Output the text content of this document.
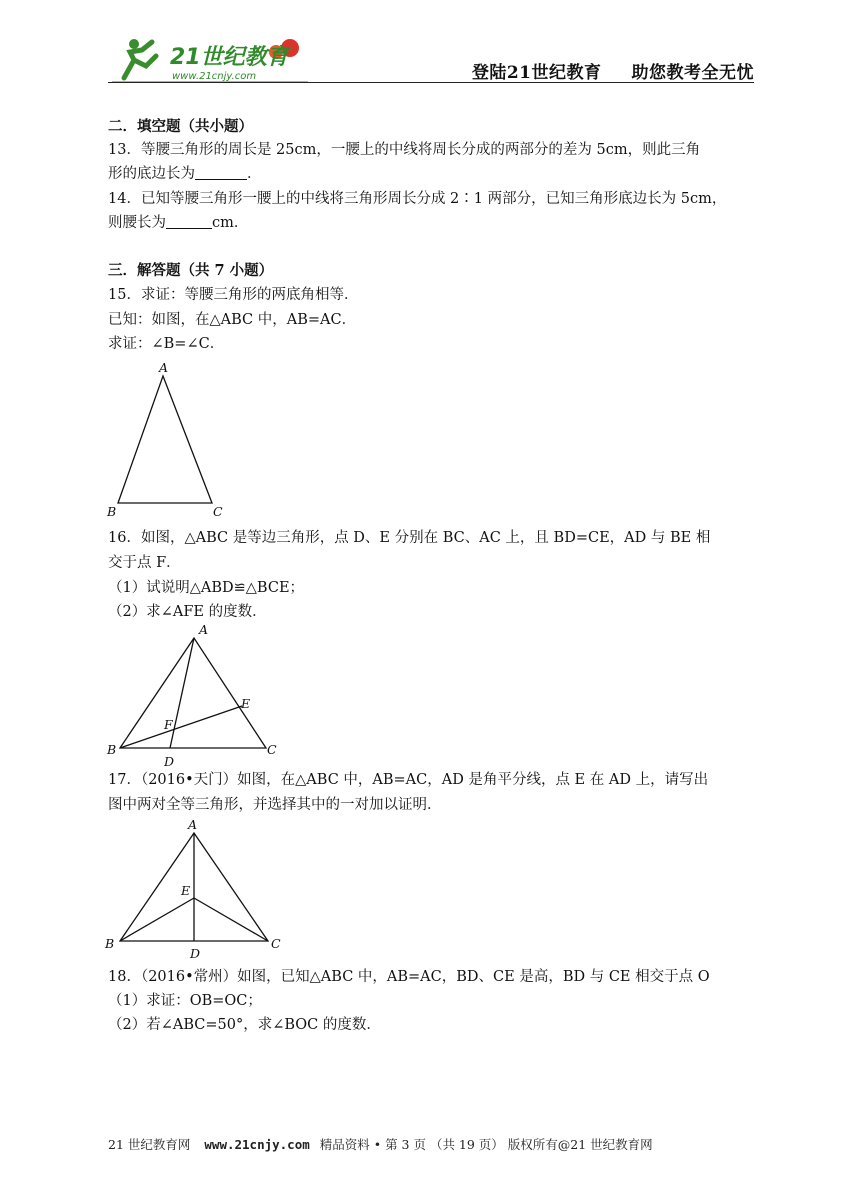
21世纪教育
www.21cnjy.com	登陆21世纪教育 助您教考全无忧
二．填空题（共小题）
13．等腰三角形的周长是 25cm，一腰上的中线将周长分成的两部分的差为 5cm，则此三角
形的底边长为	．
14．已知等腰三角形一腰上的中线将三角形周长分成 2∶1 两部分，已知三角形底边长为 5cm，
则腰长为	cm．
三．解答题（共 7 小题）
15．求证：等腰三角形的两底角相等．
已知：如图，在△ABC 中，AB=AC．
求证：∠B=∠C．
A
B	C
16．如图，△ABC 是等边三角形，点 D、E 分别在 BC、AC 上，且 BD=CE，AD 与 BE 相
交于点 F．
（1）试说明△ABD≌△BCE；
（2）求∠AFE 的度数．
A
B	C
D
E
F
17．（2016•天门）如图，在△ABC 中，AB=AC，AD 是角平分线，点 E 在 AD 上，请写出
图中两对全等三角形，并选择其中的一对加以证明．
A
B	C
D
E
18．（2016•常州）如图，已知△ABC 中，AB=AC，BD、CE 是高，BD 与 CE 相交于点 O
（1）求证：OB=OC；
（2）若∠ABC=50°，求∠BOC 的度数．
21 世纪教育网 www.21cnjy.com 精品资料 • 第 3 页 （共 19 页） 版权所有@21 世纪教育网
